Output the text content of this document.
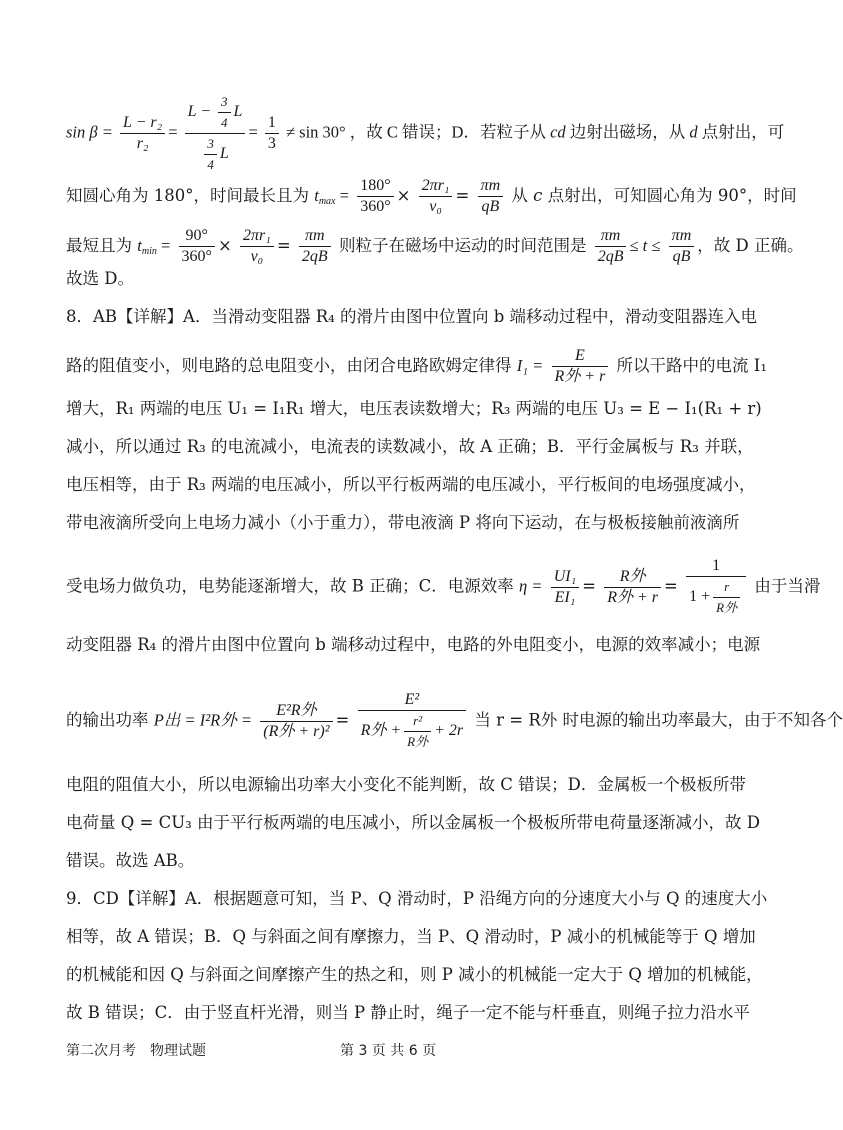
$\sin \beta = \frac{\text{L − r₂}}{\text{r₂}} = \frac{L - \frac{3}{4} L}{\frac{3}{4} L} = \frac{1}{3} \ne \sin 30^\circ$ ，故 C 错误；D．若粒子从 cd 边射出磁场，从 d 点射出，可
知圆心角为 180°，时间最长且为 $t_{max} = \frac{180^\circ}{360^\circ} \times \frac{\text{2πr₁}}{\text{v₀}} = \frac{\pi m}{qB}$ 从 c 点射出，可知圆心角为 90°，时间
最短且为 $t_{min} = \frac{90^\circ}{360^\circ} \times \frac{\text{2πr₁}}{\text{v₀}} = \frac{\pi m}{2qB}$ 则粒子在磁场中运动的时间范围是 $\frac{\pi m}{2qB} \le t \le \frac{\pi m}{qB}$ ，故 D 正确。
故选 D。
8．AB【详解】A．当滑动变阻器 R₄ 的滑片由图中位置向 b 端移动过程中，滑动变阻器连入电
路的阻值变小，则电路的总电阻变小，由闭合电路欧姆定律得 $I_1 = \frac{E}{\text{R外 + r}}$ 所以干路中的电流 I₁
增大，R₁ 两端的电压 U₁ = I₁R₁ 增大，电压表读数增大；R₃ 两端的电压 U₃ = E − I₁(R₁ + r)
减小，所以通过 R₃ 的电流减小，电流表的读数减小，故 A 正确；B．平行金属板与 R₃ 并联，
电压相等，由于 R₃ 两端的电压减小，所以平行板两端的电压减小，平行板间的电场强度减小，
带电液滴所受向上电场力减小（小于重力），带电液滴 P 将向下运动，在与极板接触前液滴所
受电场力做负功，电势能逐渐增大，故 B 正确；C．电源效率 $\eta = \frac{\text{UI₁}}{\text{EI₁}} = \frac{\text{R外}}{\text{R外 + r}} = \frac{1}{1 + \frac{r}{\text{R外}}}$ 由于当滑
动变阻器 R₄ 的滑片由图中位置向 b 端移动过程中，电路的外电阻变小，电源的效率减小；电源
的输出功率 P出 = I²R外 = $\frac{\text{E²R外}}{\text{(R外 + r)²}} = \frac{\text{E²}}{R外 + \frac{\text{r²}}{\text{R外}} + 2r}$ 当 r = R外 时电源的输出功率最大，由于不知各个
电阻的阻值大小，所以电源输出功率大小变化不能判断，故 C 错误；D．金属板一个极板所带
电荷量 Q = CU₃ 由于平行板两端的电压减小，所以金属板一个极板所带电荷量逐渐减小，故 D
错误。故选 AB。
9．CD【详解】A．根据题意可知，当 P、Q 滑动时，P 沿绳方向的分速度大小与 Q 的速度大小
相等，故 A 错误；B．Q 与斜面之间有摩擦力，当 P、Q 滑动时，P 减小的机械能等于 Q 增加
的机械能和因 Q 与斜面之间摩擦产生的热之和，则 P 减小的机械能一定大于 Q 增加的机械能，
故 B 错误；C．由于竖直杆光滑，则当 P 静止时，绳子一定不能与杆垂直，则绳子拉力沿水平
第二次月考　物理试题	第 3 页 共 6 页
